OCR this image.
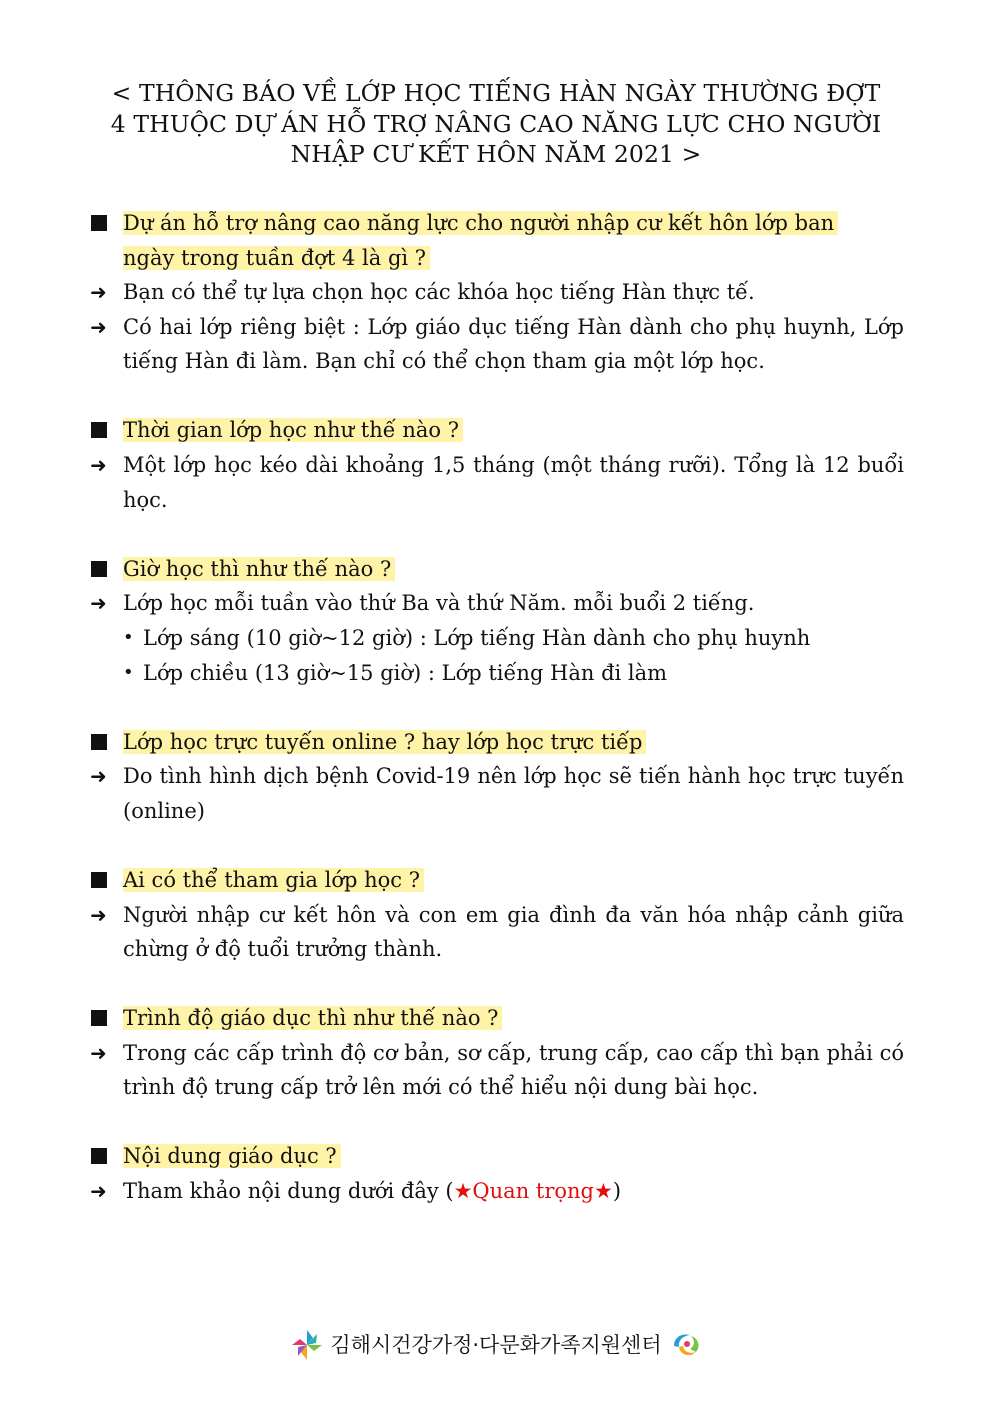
< THÔNG BÁO VỀ LỚP HỌC TIẾNG HÀN NGÀY THƯỜNG ĐỢT
4 THUỘC DỰ ÁN HỖ TRỢ NÂNG CAO NĂNG LỰC CHO NGƯỜI
NHẬP CƯ KẾT HÔN NĂM 2021 >
Dự án hỗ trợ nâng cao năng lực cho người nhập cư kết hôn lớp ban
ngày trong tuần đợt 4 là gì ?
➜ Bạn có thể tự lựa chọn học các khóa học tiếng Hàn thực tế.
➜ Có hai lớp riêng biệt : Lớp giáo dục tiếng Hàn dành cho phụ huynh, Lớp tiếng Hàn đi làm. Bạn chỉ có thể chọn tham gia một lớp học.
Thời gian lớp học như thế nào ?
➜ Một lớp học kéo dài khoảng 1,5 tháng (một tháng rưỡi). Tổng là 12 buổi học.
Giờ học thì như thế nào ?
➜ Lớp học mỗi tuần vào thứ Ba và thứ Năm. mỗi buổi 2 tiếng.
• Lớp sáng (10 giờ~12 giờ) : Lớp tiếng Hàn dành cho phụ huynh
• Lớp chiều (13 giờ~15 giờ) : Lớp tiếng Hàn đi làm
Lớp học trực tuyến online ? hay lớp học trực tiếp
➜ Do tình hình dịch bệnh Covid-19 nên lớp học sẽ tiến hành học trực tuyến (online)
Ai có thể tham gia lớp học ?
➜ Người nhập cư kết hôn và con em gia đình đa văn hóa nhập cảnh giữa chừng ở độ tuổi trưởng thành.
Trình độ giáo dục thì như thế nào ?
➜ Trong các cấp trình độ cơ bản, sơ cấp, trung cấp, cao cấp thì bạn phải có trình độ trung cấp trở lên mới có thể hiểu nội dung bài học.
Nội dung giáo dục ?
➜ Tham khảo nội dung dưới đây (★Quan trọng★)
김해시건강가정·다문화가족지원센터
